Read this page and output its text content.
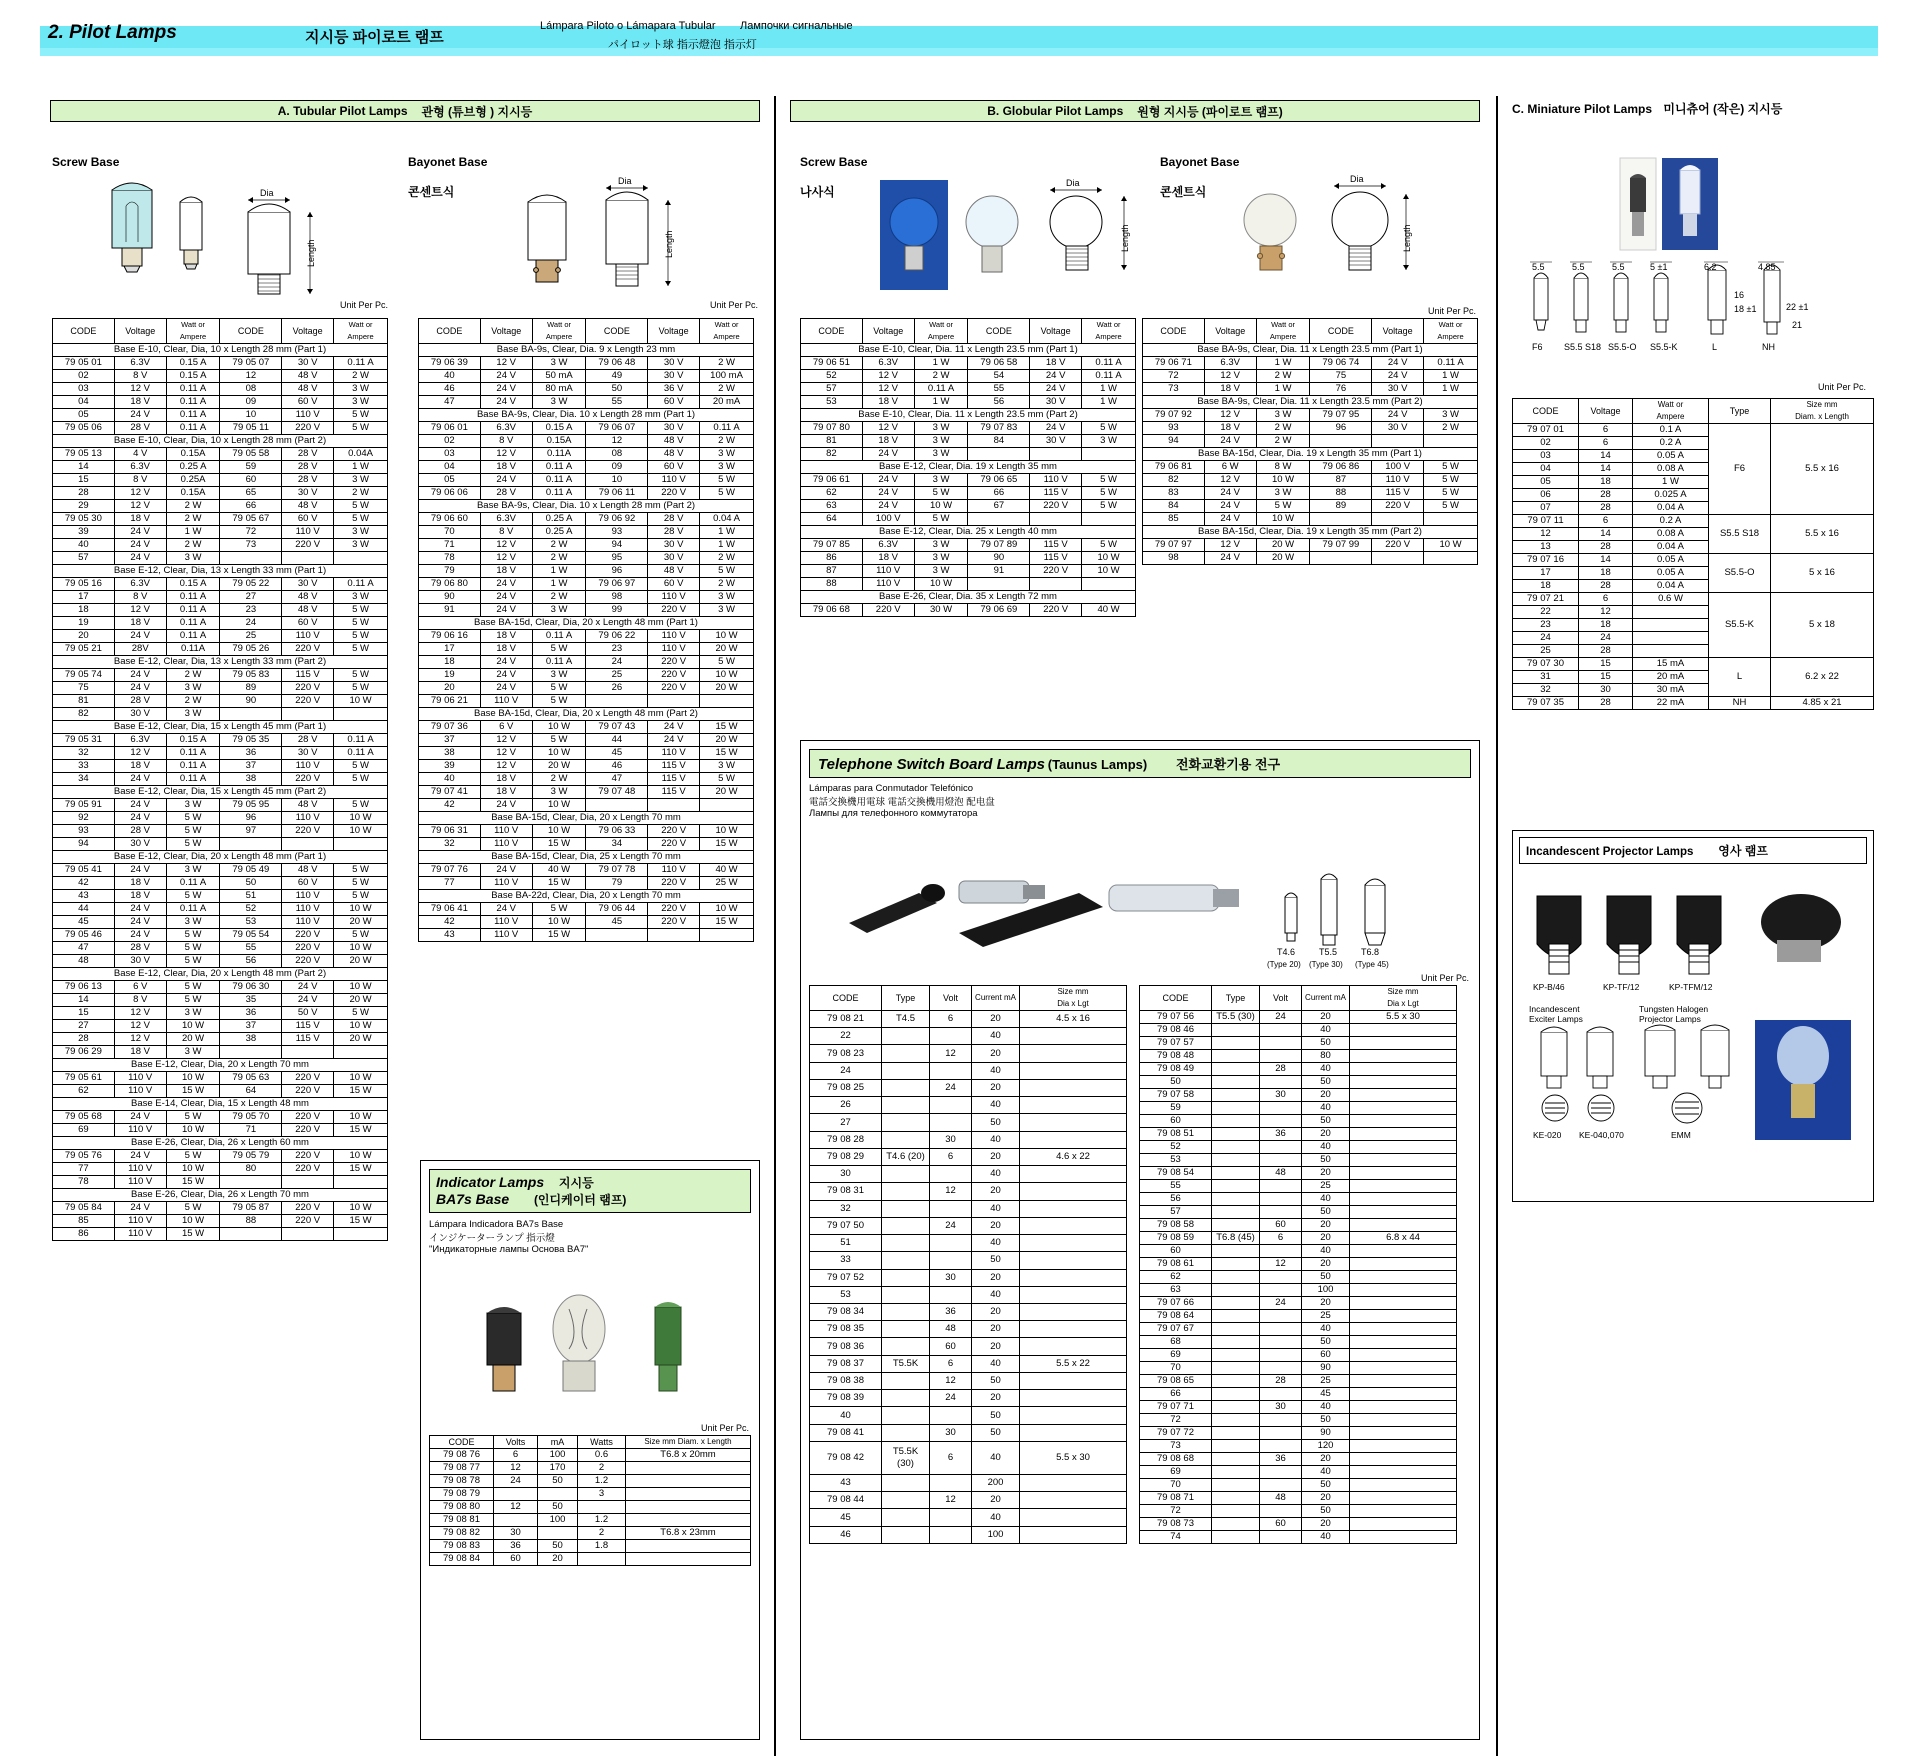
2. Pilot Lamps	지시등 파이로트 램프
Lámpara Piloto o Lámapara Tubular Лампочки сигнальные
パイロット球 指示燈泡 指示灯
A. Tubular Pilot Lamps 관형 (튜브형 ) 지시등	B. Globular Pilot Lamps 원형 지시등 (파이로트 램프)	C. Miniature Pilot Lamps 미니츄어 (작은) 지시등
Screw Base
Dia
Length
Unit Per Pc.
CODE	Voltage	Watt or Ampere	CODE	Voltage	Watt or Ampere
Base E-10, Clear, Dia, 10 x Length 28 mm (Part 1)					
79 05 01	6.3V	0.15 A	79 05 07	30 V	0.11 A
02	8 V	0.15 A	12	48 V	2 W
03	12 V	0.11 A	08	48 V	3 W
04	18 V	0.11 A	09	60 V	3 W
05	24 V	0.11 A	10	110 V	5 W
79 05 06	28 V	0.11 A	79 05 11	220 V	5 W
Base E-10, Clear, Dia, 10 x Length 28 mm (Part 2)					
79 05 13	4 V	0.15A	79 05 58	28 V	0.04A
14	6.3V	0.25 A	59	28 V	1 W
15	8 V	0.25A	60	28 V	3 W
28	12 V	0.15A	65	30 V	2 W
29	12 V	2 W	66	48 V	5 W
79 05 30	18 V	2 W	79 05 67	60 V	5 W
39	24 V	1 W	72	110 V	3 W
40	24 V	2 W	73	220 V	3 W
57	24 V	3 W			
Base E-12, Clear, Dia, 13 x Length 33 mm (Part 1)					
79 05 16	6.3V	0.15 A	79 05 22	30 V	0.11 A
17	8 V	0.11 A	27	48 V	3 W
18	12 V	0.11 A	23	48 V	5 W
19	18 V	0.11 A	24	60 V	5 W
20	24 V	0.11 A	25	110 V	5 W
79 05 21	28V	0.11A	79 05 26	220 V	5 W
Base E-12, Clear, Dia, 13 x Length 33 mm (Part 2)					
79 05 74	24 V	2 W	79 05 83	115 V	5 W
75	24 V	3 W	89	220 V	5 W
81	28 V	2 W	90	220 V	10 W
82	30 V	3 W			
Base E-12, Clear, Dia, 15 x Length 45 mm (Part 1)					
79 05 31	6.3V	0.15 A	79 05 35	28 V	0.11 A
32	12 V	0.11 A	36	30 V	0.11 A
33	18 V	0.11 A	37	110 V	5 W
34	24 V	0.11 A	38	220 V	5 W
Base E-12, Clear, Dia, 15 x Length 45 mm (Part 2)					
79 05 91	24 V	3 W	79 05 95	48 V	5 W
92	24 V	5 W	96	110 V	10 W
93	28 V	5 W	97	220 V	10 W
94	30 V	5 W			
Base E-12, Clear, Dia, 20 x Length 48 mm (Part 1)					
79 05 41	24 V	3 W	79 05 49	48 V	5 W
42	18 V	0.11 A	50	60 V	5 W
43	18 V	5 W	51	110 V	5 W
44	24 V	0.11 A	52	110 V	10 W
45	24 V	3 W	53	110 V	20 W
79 05 46	24 V	5 W	79 05 54	220 V	5 W
47	28 V	5 W	55	220 V	10 W
48	30 V	5 W	56	220 V	20 W
Base E-12, Clear, Dia, 20 x Length 48 mm (Part 2)					
79 06 13	6 V	5 W	79 06 30	24 V	10 W
14	8 V	5 W	35	24 V	20 W
15	12 V	3 W	36	50 V	5 W
27	12 V	10 W	37	115 V	10 W
28	12 V	20 W	38	115 V	20 W
79 06 29	18 V	3 W			
Base E-12, Clear, Dia, 20 x Length 70 mm					
79 05 61	110 V	10 W	79 05 63	220 V	10 W
62	110 V	15 W	64	220 V	15 W
Base E-14, Clear, Dia, 15 x Length 48 mm					
79 05 68	24 V	5 W	79 05 70	220 V	10 W
69	110 V	10 W	71	220 V	15 W
Base E-26, Clear, Dia, 26 x Length 60 mm					
79 05 76	24 V	5 W	79 05 79	220 V	10 W
77	110 V	10 W	80	220 V	15 W
78	110 V	15 W			
Base E-26, Clear, Dia, 26 x Length 70 mm					
79 05 84	24 V	5 W	79 05 87	220 V	10 W
85	110 V	10 W	88	220 V	15 W
86	110 V	15 W			
Bayonet Base
콘센트식
Dia
Length
Unit Per Pc.
CODE	Voltage	Watt or Ampere	CODE	Voltage	Watt or Ampere
Base BA-9s, Clear, Dia. 9 x Length 23 mm					
79 06 39	12 V	3 W	79 06 48	30 V	2 W
40	24 V	50 mA	49	30 V	100 mA
46	24 V	80 mA	50	36 V	2 W
47	24 V	3 W	55	60 V	20 mA
Base BA-9s, Clear, Dia. 10 x Length 28 mm (Part 1)					
79 06 01	6.3V	0.15 A	79 06 07	30 V	0.11 A
02	8 V	0.15A	12	48 V	2 W
03	12 V	0.11A	08	48 V	3 W
04	18 V	0.11 A	09	60 V	3 W
05	24 V	0.11 A	10	110 V	5 W
79 06 06	28 V	0.11 A	79 06 11	220 V	5 W
Base BA-9s, Clear, Dia. 10 x Length 28 mm (Part 2)					
79 06 60	6.3V	0.25 A	79 06 92	28 V	0.04 A
70	8 V	0.25 A	93	28 V	1 W
71	12 V	2 W	94	30 V	1 W
78	12 V	2 W	95	30 V	2 W
79	18 V	1 W	96	48 V	5 W
79 06 80	24 V	1 W	79 06 97	60 V	2 W
90	24 V	2 W	98	110 V	3 W
91	24 V	3 W	99	220 V	3 W
Base BA-15d, Clear, Dia, 20 x Length 48 mm (Part 1)					
79 06 16	18 V	0.11 A	79 06 22	110 V	10 W
17	18 V	5 W	23	110 V	20 W
18	24 V	0.11 A	24	220 V	5 W
19	24 V	3 W	25	220 V	10 W
20	24 V	5 W	26	220 V	20 W
79 06 21	110 V	5 W			
Base BA-15d, Clear, Dia, 20 x Length 48 mm (Part 2)					
79 07 36	6 V	10 W	79 07 43	24 V	15 W
37	12 V	5 W	44	24 V	20 W
38	12 V	10 W	45	110 V	15 W
39	12 V	20 W	46	115 V	3 W
40	18 V	2 W	47	115 V	5 W
79 07 41	18 V	3 W	79 07 48	115 V	20 W
42	24 V	10 W			
Base BA-15d, Clear, Dia, 20 x Length 70 mm					
79 06 31	110 V	10 W	79 06 33	220 V	10 W
32	110 V	15 W	34	220 V	15 W
Base BA-15d, Clear, Dia, 25 x Length 70 mm					
79 07 76	24 V	40 W	79 07 78	110 V	40 W
77	110 V	15 W	79	220 V	25 W
Base BA-22d, Clear, Dia, 20 x Length 70 mm					
79 06 41	24 V	5 W	79 06 44	220 V	10 W
42	110 V	10 W	45	220 V	15 W
43	110 V	15 W			
Indicator Lamps 지시등
BA7s Base (인디케이터 램프)
Lámpara Indicadora BA7s Base
インジケーターランプ 指示燈
"Индикаторные лампы Основа BA7"
Unit Per Pc.
CODE	Volts	mA	Watts	Size mm Diam. x Length
79 08 76	6	100	0.6	T6.8 x 20mm
79 08 77	12	170	2	
79 08 78	24	50	1.2	
79 08 79			3	
79 08 80	12	50		
79 08 81		100	1.2	
79 08 82	30		2	T6.8 x 23mm
79 08 83	36	50	1.8	
79 08 84	60	20		
Screw Base
나사식
Dia
Length
CODE	Voltage	Watt or Ampere	CODE	Voltage	Watt or Ampere
Base E-10, Clear, Dia. 11 x Length 23.5 mm (Part 1)					
79 06 51	6.3V	1 W	79 06 58	18 V	0.11 A
52	12 V	2 W	54	24 V	0.11 A
57	12 V	0.11 A	55	24 V	1 W
53	18 V	1 W	56	30 V	1 W
Base E-10, Clear, Dia. 11 x Length 23.5 mm (Part 2)					
79 07 80	12 V	3 W	79 07 83	24 V	5 W
81	18 V	3 W	84	30 V	3 W
82	24 V	3 W			
Base E-12, Clear, Dia. 19 x Length 35 mm					
79 06 61	24 V	3 W	79 06 65	110 V	5 W
62	24 V	5 W	66	115 V	5 W
63	24 V	10 W	67	220 V	5 W
64	100 V	5 W			
Base E-12, Clear, Dia. 25 x Length 40 mm					
79 07 85	6.3V	3 W	79 07 89	115 V	5 W
86	18 V	3 W	90	115 V	10 W
87	110 V	3 W	91	220 V	10 W
88	110 V	10 W			
Base E-26, Clear, Dia. 35 x Length 72 mm					
79 06 68	220 V	30 W	79 06 69	220 V	40 W
Bayonet Base
콘센트식
Dia
Length
Unit Per Pc.
CODE	Voltage	Watt or Ampere	CODE	Voltage	Watt or Ampere
Base BA-9s, Clear, Dia. 11 x Length 23.5 mm (Part 1)					
79 06 71	6.3V	1 W	79 06 74	24 V	0.11 A
72	12 V	2 W	75	24 V	1 W
73	18 V	1 W	76	30 V	1 W
Base BA-9s, Clear, Dia. 11 x Length 23.5 mm (Part 2)					
79 07 92	12 V	3 W	79 07 95	24 V	3 W
93	18 V	2 W	96	30 V	2 W
94	24 V	2 W			
Base BA-15d, Clear, Dia. 19 x Length 35 mm (Part 1)					
79 06 81	6 W	8 W	79 06 86	100 V	5 W
82	12 V	10 W	87	110 V	5 W
83	24 V	3 W	88	115 V	5 W
84	24 V	5 W	89	220 V	5 W
85	24 V	10 W			
Base BA-15d, Clear, Dia. 19 x Length 35 mm (Part 2)					
79 07 97	12 V	20 W	79 07 99	220 V	10 W
98	24 V	20 W			
Telephone Switch Board Lamps (Taunus Lamps) 전화교환기용 전구
Lámparas para Conmutador Telefónico
電話交換機用電球 電話交換機用燈泡 配电盘
Лампы для телефонного коммутатора
T4.6	T5.5	T6.8
(Type 20) (Type 30) (Type 45)
Unit Per Pc.
CODE	Type	Volt	Current mA	Size mm
Dia x Lgt
79 08 21	T4.5	6	20	4.5 x 16
22			40	
79 08 23		12	20	
24			40	
79 08 25		24	20	
26			40	
27			50	
79 08 28		30	40	
79 08 29	T4.6 (20)	6	20	4.6 x 22
30			40	
79 08 31		12	20	
32			40	
79 07 50		24	20	
51			40	
33			50	
79 07 52		30	20	
53			40	
79 08 34		36	20	
79 08 35		48	20	
79 08 36		60	20	
79 08 37	T5.5K	6	40	5.5 x 22
79 08 38		12	50	
79 08 39		24	20	
40			50	
79 08 41		30	50	
79 08 42	T5.5K (30)	6	40	5.5 x 30
43			200	
79 08 44		12	20	
45			40	
46			100	
CODE	Type	Volt	Current mA	Size mm
Dia x Lgt
79 07 56	T5.5 (30)	24	20	5.5 x 30
79 08 46			40	
79 07 57			50	
79 08 48			80	
79 08 49		28	40	
50			50	
79 07 58		30	20	
59			40	
60			50	
79 08 51		36	20	
52			40	
53			50	
79 08 54		48	20	
55			25	
56			40	
57			50	
79 08 58		60	20	
79 08 59	T6.8 (45)	6	20	6.8 x 44
60			40	
79 08 61		12	20	
62			50	
63			100	
79 07 66		24	20	
79 08 64			25	
79 07 67			40	
68			50	
69			60	
70			90	
79 08 65		28	25	
66			45	
79 07 71		30	40	
72			50	
79 07 72			90	
73			120	
79 08 68		36	20	
69			40	
70			50	
79 08 71		48	20	
72			50	
79 08 73		60	20	
74			40	
5.5	5.5	5.5	5 ±1	6.2	4.85
16
18 ±1	22 ±1
21
F6 S5.5 S18 S5.5-O S5.5-K	L	NH
Unit Per Pc.
CODE	Voltage	Watt or
Ampere	Type	Size mm
Diam. x Length
79 07 01	6	0.1 A	F6	5.5 x 16
02	6	0.2 A		
03	14	0.05 A		
04	14	0.08 A		
05	18	1 W		
06	28	0.025 A		
07	28	0.04 A		
79 07 11	6	0.2 A	S5.5 S18	5.5 x 16
12	14	0.08 A		
13	28	0.04 A		
79 07 16	14	0.05 A	S5.5-O	5 x 16
17	18	0.05 A		
18	28	0.04 A		
79 07 21	6	0.6 W	S5.5-K	5 x 18
22	12			
23	18			
24	24			
25	28			
79 07 30	15	15 mA	L	6.2 x 22
31	15	20 mA		
32	30	30 mA		
79 07 35	28	22 mA	NH	4.85 x 21
Incandescent Projector Lamps 영사 램프
KP-B/46	KP-TF/12	KP-TFM/12
Incandescent
Exciter Lamps
Tungsten Halogen
Projector Lamps
KE-020 KE-040,070	EMM
